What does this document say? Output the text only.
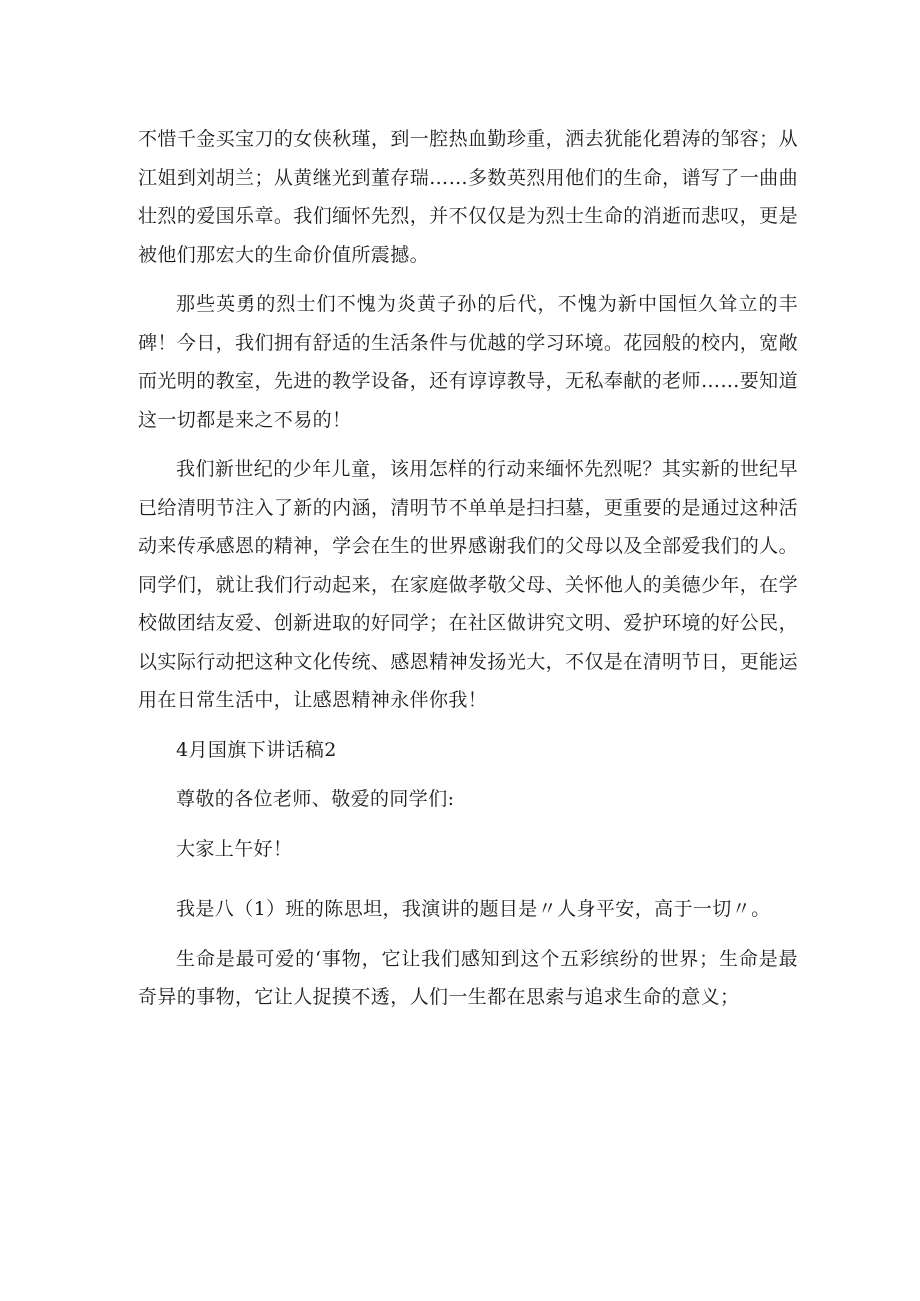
不惜千金买宝刀的女侠秋瑾，到一腔热血勤珍重，洒去犹能化碧涛的邹容；从江姐到刘胡兰；从黄继光到董存瑞……多数英烈用他们的生命，谱写了一曲曲壮烈的爱国乐章。我们缅怀先烈，并不仅仅是为烈士生命的消逝而悲叹，更是被他们那宏大的生命价值所震撼。

那些英勇的烈士们不愧为炎黄子孙的后代，不愧为新中国恒久耸立的丰碑！今日，我们拥有舒适的生活条件与优越的学习环境。花园般的校内，宽敞而光明的教室，先进的教学设备，还有谆谆教导，无私奉献的老师……要知道这一切都是来之不易的！

我们新世纪的少年儿童，该用怎样的行动来缅怀先烈呢？其实新的世纪早已给清明节注入了新的内涵，清明节不单单是扫扫墓，更重要的是通过这种活动来传承感恩的精神，学会在生的世界感谢我们的父母以及全部爱我们的人。同学们，就让我们行动起来，在家庭做孝敬父母、关怀他人的美德少年，在学校做团结友爱、创新进取的好同学；在社区做讲究文明、爱护环境的好公民，以实际行动把这种文化传统、感恩精神发扬光大，不仅是在清明节日，更能运用在日常生活中，让感恩精神永伴你我！

4月国旗下讲话稿2

尊敬的各位老师、敬爱的同学们:

大家上午好！

我是八（1）班的陈思坦，我演讲的题目是〃人身平安，高于一切〃。

生命是最可爱的‘事物，它让我们感知到这个五彩缤纷的世界；生命是最奇异的事物，它让人捉摸不透，人们一生都在思索与追求生命的意义；
